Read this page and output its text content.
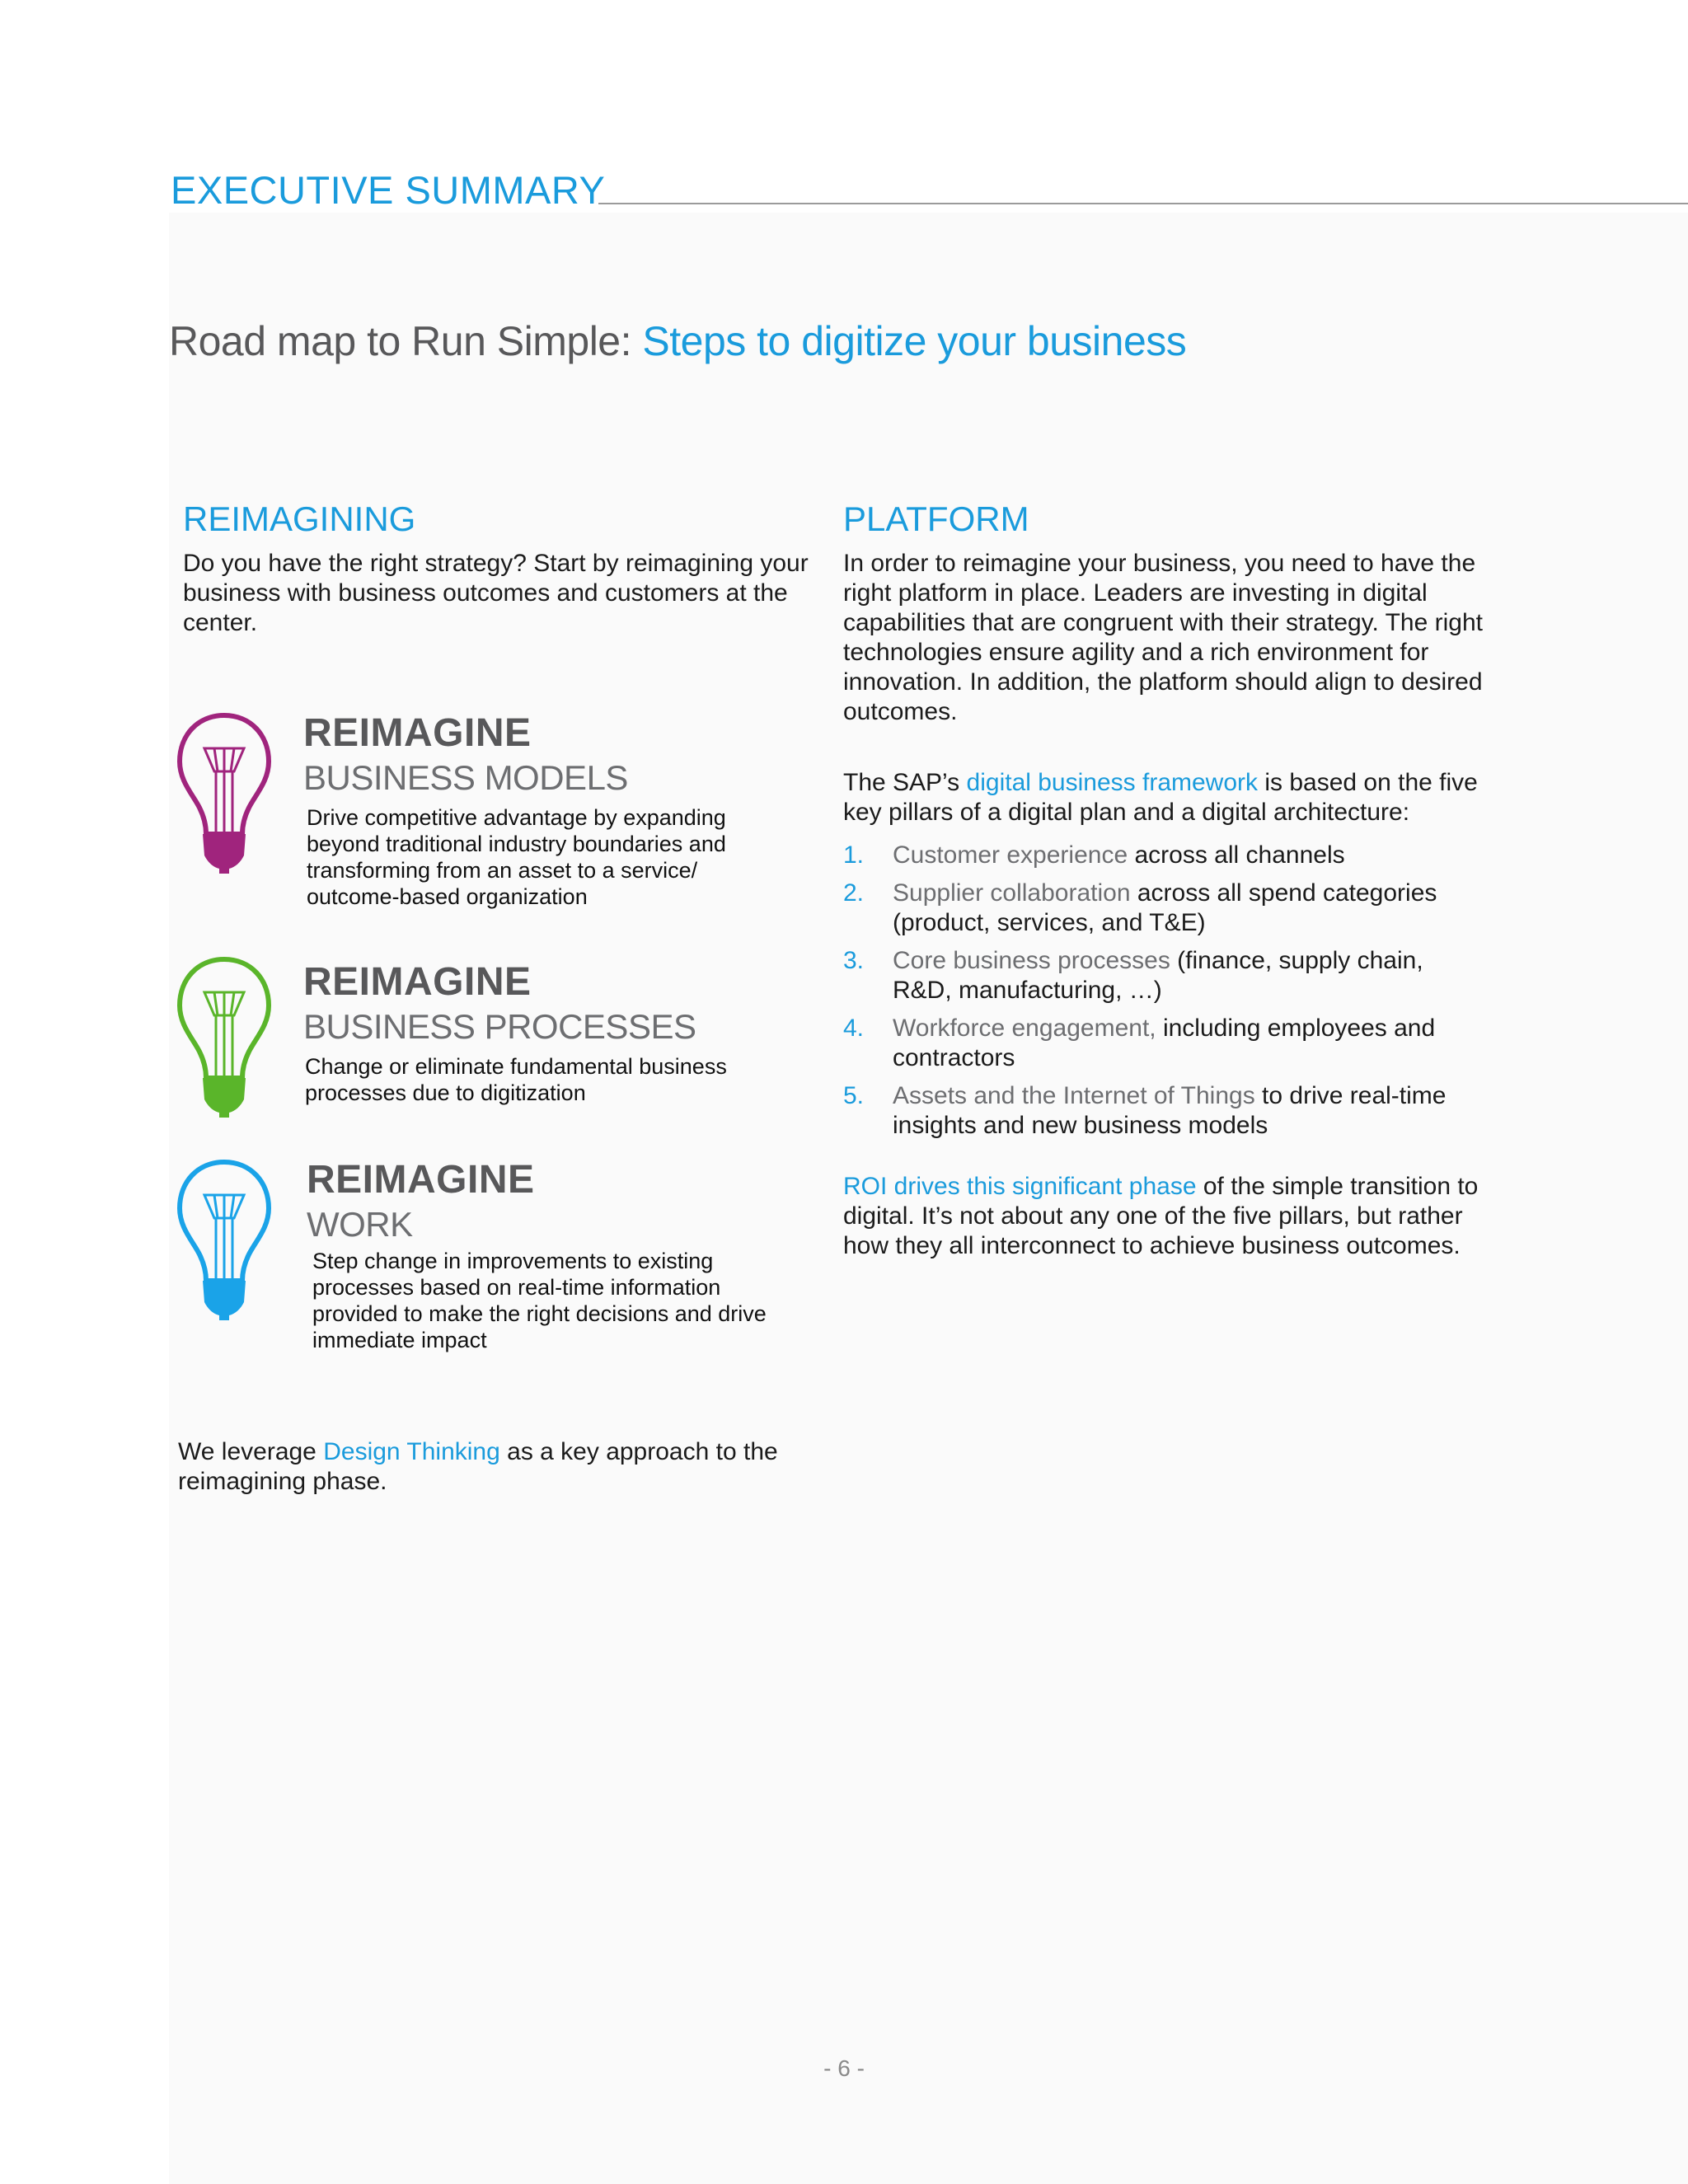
EXECUTIVE SUMMARY
Road map to Run Simple: Steps to digitize your business
REIMAGINING
Do you have the right strategy? Start by reimagining your business with business outcomes and customers at the center.
REIMAGINE
BUSINESS MODELS
Drive competitive advantage by expanding beyond traditional industry boundaries and transforming from an asset to a service/ outcome-based organization
REIMAGINE
BUSINESS PROCESSES
Change or eliminate fundamental business processes due to digitization
REIMAGINE
WORK
Step change in improvements to existing processes based on real-time information provided to make the right decisions and drive immediate impact
We leverage Design Thinking as a key approach to the reimagining phase.
PLATFORM
In order to reimagine your business, you need to have the right platform in place. Leaders are investing in digital capabilities that are congruent with their strategy. The right technologies ensure agility and a rich environment for innovation. In addition, the platform should align to desired outcomes.
The SAP’s digital business framework is based on the five key pillars of a digital plan and a digital architecture:
1. Customer experience across all channels
2. Supplier collaboration across all spend categories (product, services, and T&E)
3. Core business processes (finance, supply chain, R&D, manufacturing, …)
4. Workforce engagement, including employees and contractors
5. Assets and the Internet of Things to drive real-time insights and new business models
ROI drives this significant phase of the simple transition to digital. It’s not about any one of the five pillars, but rather how they all interconnect to achieve business outcomes.
- 6 -
